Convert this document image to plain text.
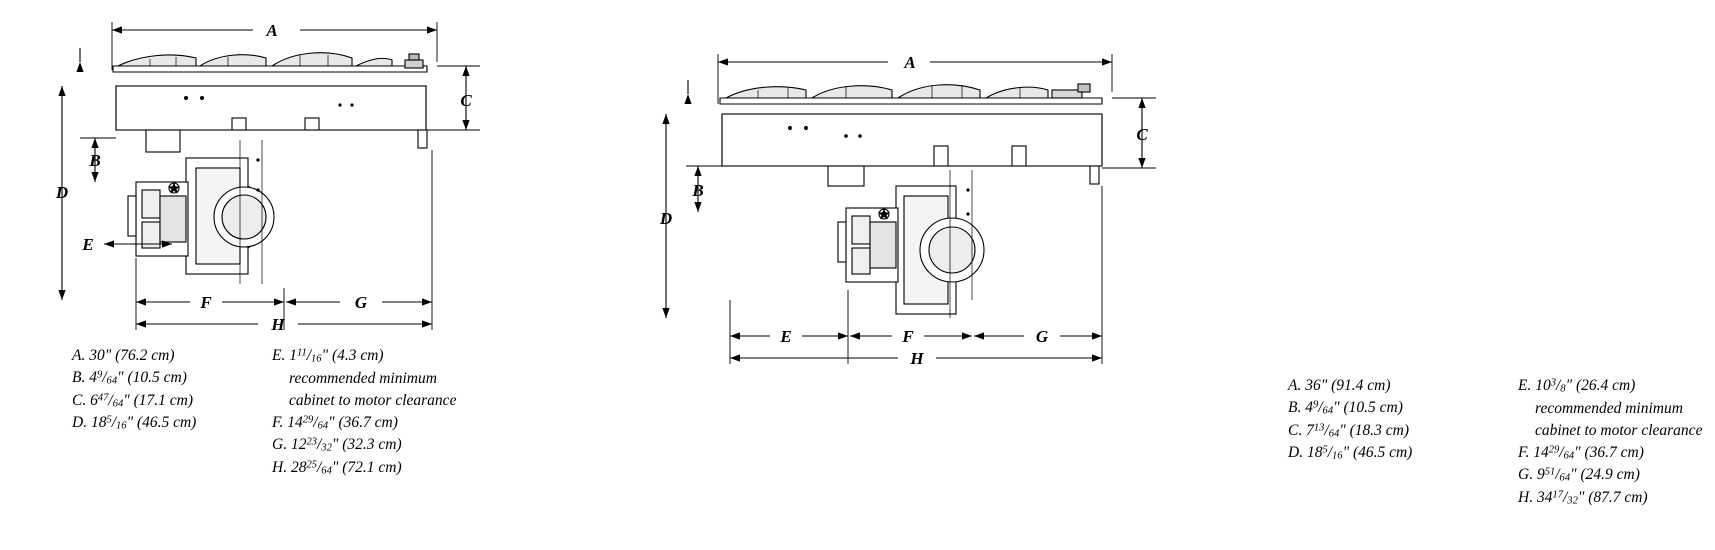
A
B
C
D
E
F	G
H
A. 30" (76.2 cm)
B. $4^9/_{64}$" (10.5 cm)
C. $6^{47}/_{64}$" (17.1 cm)
D. $18^5/_{16}$" (46.5 cm)
E. $1^{11}/_{16}$" (4.3 cm)
recommended minimum cabinet to motor clearance
F. $14^{29}/_{64}$" (36.7 cm)
G. $12^{23}/_{32}$" (32.3 cm)
H. $28^{25}/_{64}$" (72.1 cm)
A
B
C
D
E	F	G
H
A. 36" (91.4 cm)
B. $4^9/_{64}$" (10.5 cm)
C. $7^{13}/_{64}$" (18.3 cm)
D. $18^5/_{16}$" (46.5 cm)
E. $10^3/_8$" (26.4 cm)
recommended minimum cabinet to motor clearance
F. $14^{29}/_{64}$" (36.7 cm)
G. $9^{51}/_{64}$" (24.9 cm)
H. $34^{17}/_{32}$" (87.7 cm)
